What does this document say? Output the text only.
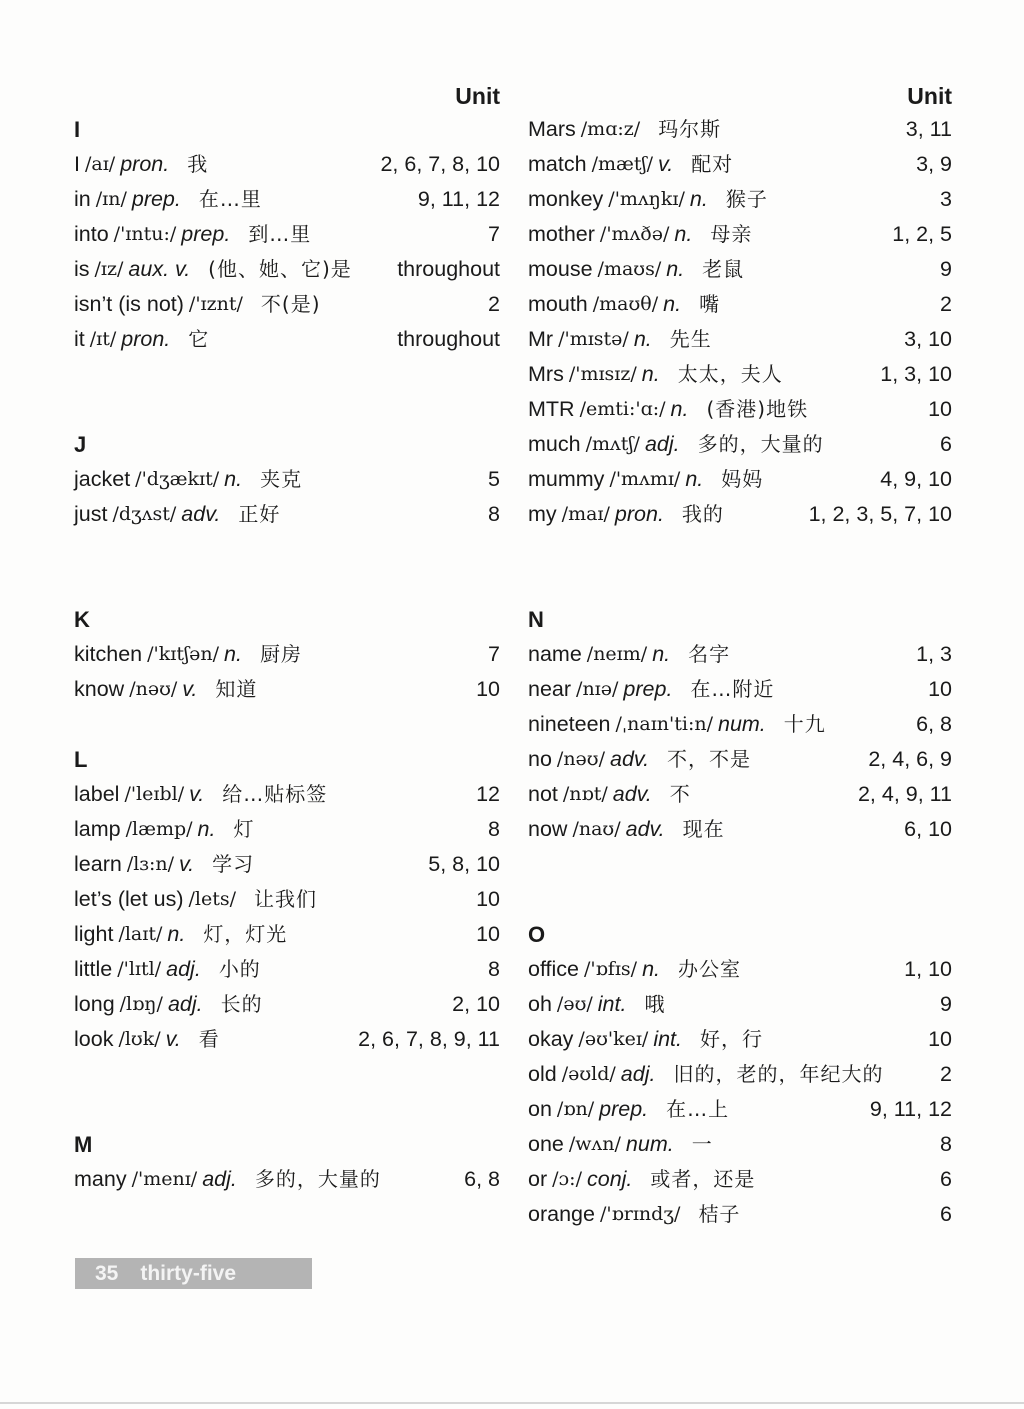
Unit
I
I /aɪ/ pron. 我	2, 6, 7, 8, 10
in /ɪn/ prep. 在…里	9, 11, 12
into /'ɪntu:/ prep. 到…里	7
is /ɪz/ aux. v. (他、她、它)是	throughout
isn’t (is not) /'ɪznt/ 不(是)	2
it /ɪt/ pron. 它	throughout
J
jacket /'dʒækɪt/ n. 夹克	5
just /dʒʌst/ adv. 正好	8
K
kitchen /'kɪtʃən/ n. 厨房	7
know /nəʊ/ v. 知道	10
L
label /'leɪbl/ v. 给…贴标签	12
lamp /læmp/ n. 灯	8
learn /lɜ:n/ v. 学习	5, 8, 10
let’s (let us) /lets/ 让我们	10
light /laɪt/ n. 灯，灯光	10
little /'lɪtl/ adj. 小的	8
long /lɒŋ/ adj. 长的	2, 10
look /lʊk/ v. 看	2, 6, 7, 8, 9, 11
M
many /'menɪ/ adj. 多的，大量的	6, 8
Unit
Mars /mɑ:z/ 玛尔斯	3, 11
match /mætʃ/ v. 配对	3, 9
monkey /'mʌŋkɪ/ n. 猴子	3
mother /'mʌðə/ n. 母亲	1, 2, 5
mouse /maʊs/ n. 老鼠	9
mouth /maʊθ/ n. 嘴	2
Mr /'mɪstə/ n. 先生	3, 10
Mrs /'mɪsɪz/ n. 太太，夫人	1, 3, 10
MTR /emti:'ɑ:/ n. (香港)地铁	10
much /mʌtʃ/ adj. 多的，大量的	6
mummy /'mʌmɪ/ n. 妈妈	4, 9, 10
my /maɪ/ pron. 我的	1, 2, 3, 5, 7, 10
N
name /neɪm/ n. 名字	1, 3
near /nɪə/ prep. 在…附近	10
nineteen /ˌnaɪn'ti:n/ num. 十九	6, 8
no /nəʊ/ adv. 不，不是	2, 4, 6, 9
not /nɒt/ adv. 不	2, 4, 9, 11
now /naʊ/ adv. 现在	6, 10
O
office /'ɒfɪs/ n. 办公室	1, 10
oh /əʊ/ int. 哦	9
okay /əʊ'keɪ/ int. 好，行	10
old /əʊld/ adj. 旧的，老的，年纪大的	2
on /ɒn/ prep. 在…上	9, 11, 12
one /wʌn/ num. 一	8
or /ɔ:/ conj. 或者，还是	6
orange /'ɒrɪndʒ/ 桔子	6
35 thirty-five
